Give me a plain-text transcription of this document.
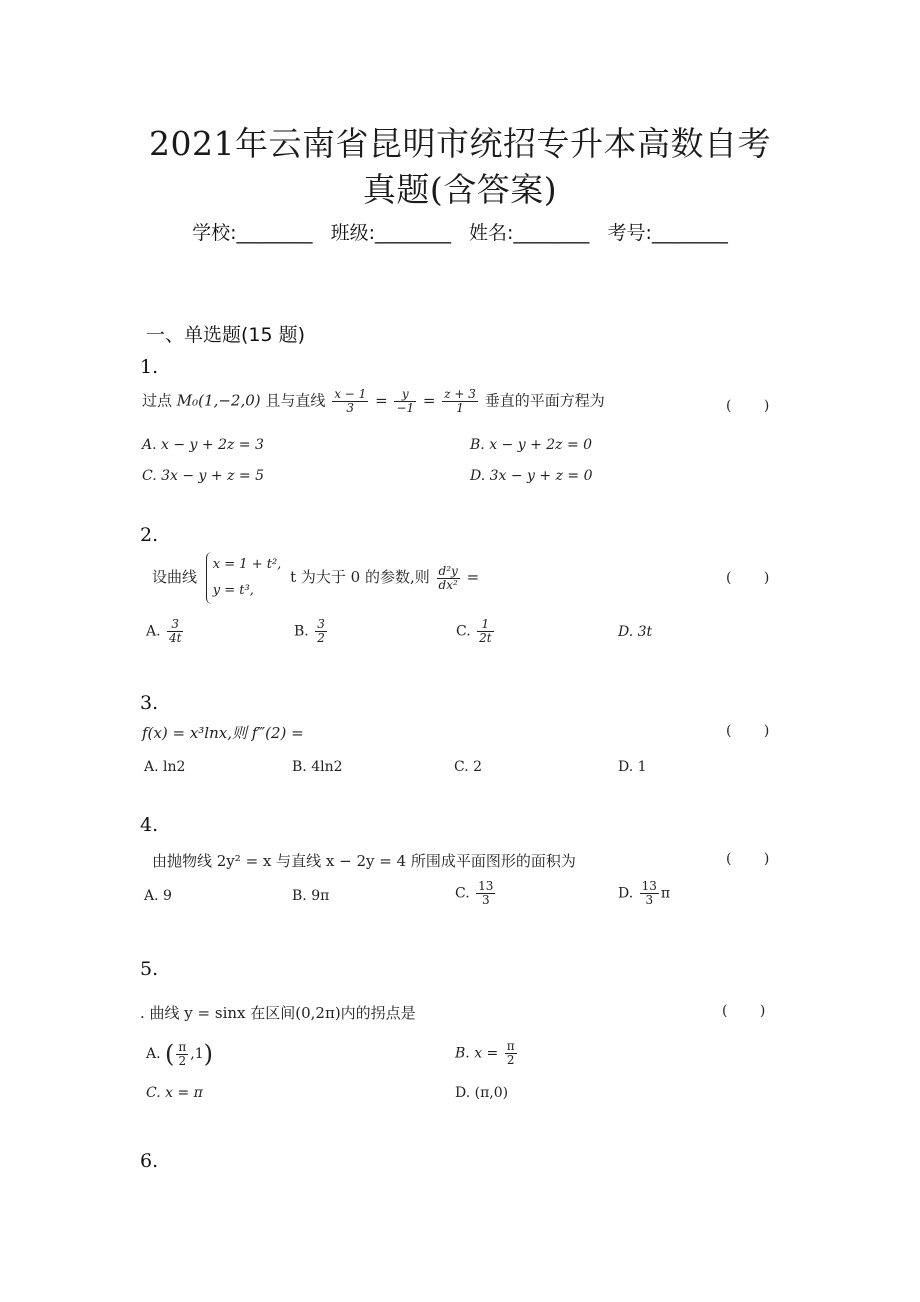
2021年云南省昆明市统招专升本高数自考
真题(含答案)
学校:________ 班级:________ 姓名:________ 考号:________
一、单选题(15 题)
1.
过点 M₀(1,−2,0) 且与直线 $\frac{x - 1}{3} = \frac{y}{-1} = \frac{z + 3}{1}$ 垂直的平面方程为	( )
A. x − y + 2z = 3	B. x − y + 2z = 0
C. 3x − y + z = 5	D. 3x − y + z = 0
2.
设曲线
x = 1 + t²,
y = t³,
t 为大于 0 的参数,则 $\frac{\text{d²y}}{\text{dx²}}$ =	( )
A. $\frac{3}{4t}$	B. $\frac{3}{2}$	C. $\frac{1}{2t}$	D. 3t
3.
f(x) = x³lnx,则 f‴(2) =	( )
A. ln2	B. 4ln2	C. 2	D. 1
4.
由抛物线 2y² = x 与直线 x − 2y = 4 所围成平面图形的面积为	( )
A. 9	B. 9π	C. $\frac{13}{3}$	D. $\frac{13}{3}$ π
5.
. 曲线 y = sinx 在区间(0,2π)内的拐点是	( )
A. ( $\frac{\pi}{2} ,1$)	B. $x = \frac{\pi}{2}$
C. x = π	D. (π,0)
6.
